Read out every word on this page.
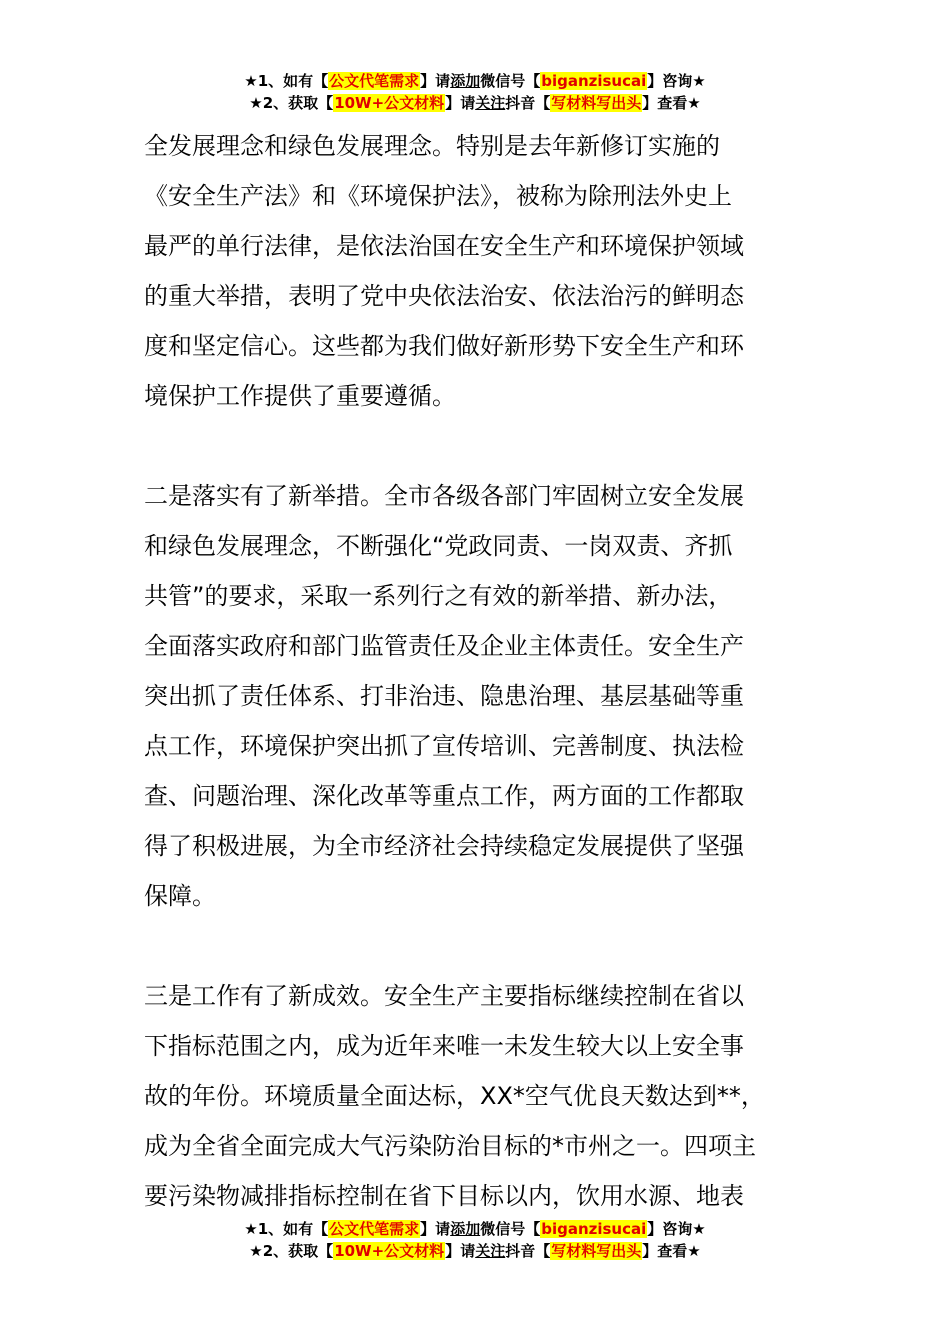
★1、如有【公文代笔需求】请添加微信号【biganzisucai】咨询★
★2、获取【10W+公文材料】请关注抖音【写材料写出头】查看★
全发展理念和绿色发展理念。特别是去年新修订实施的
《安全生产法》和《环境保护法》，被称为除刑法外史上
最严的单行法律，是依法治国在安全生产和环境保护领域
的重大举措，表明了党中央依法治安、依法治污的鲜明态
度和坚定信心。这些都为我们做好新形势下安全生产和环
境保护工作提供了重要遵循。
二是落实有了新举措。全市各级各部门牢固树立安全发展
和绿色发展理念，不断强化“党政同责、一岗双责、齐抓
共管”的要求，采取一系列行之有效的新举措、新办法，
全面落实政府和部门监管责任及企业主体责任。安全生产
突出抓了责任体系、打非治违、隐患治理、基层基础等重
点工作，环境保护突出抓了宣传培训、完善制度、执法检
查、问题治理、深化改革等重点工作，两方面的工作都取
得了积极进展，为全市经济社会持续稳定发展提供了坚强
保障。
三是工作有了新成效。安全生产主要指标继续控制在省以
下指标范围之内，成为近年来唯一未发生较大以上安全事
故的年份。环境质量全面达标，XX*空气优良天数达到**，
成为全省全面完成大气污染防治目标的*市州之一。四项主
要污染物减排指标控制在省下目标以内，饮用水源、地表
★1、如有【公文代笔需求】请添加微信号【biganzisucai】咨询★
★2、获取【10W+公文材料】请关注抖音【写材料写出头】查看★
